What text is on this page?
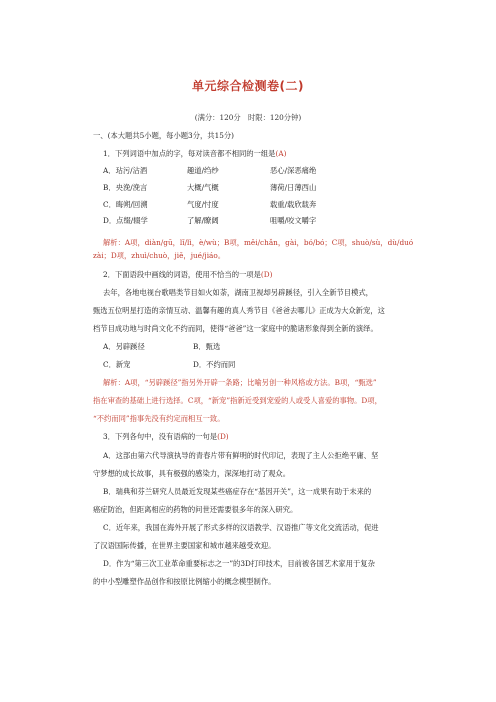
单元综合检测卷(二)
(满分：120分　时限：120分钟)
一、(本大题共5小题，每小题3分，共15分)
1．下列词语中加点的字，每对读音都不相同的一组是(A)
A．玷污/沾酒	趣道/绉纱	恶心/深恶痛绝
B．央浼/浼言	大概/气概	薄荷/日薄西山
C．晦朔/回溯	气度/忖度	载重/载欣载奔
D．点缀/辍学	了解/瞭阔	咀嚼/咬文嚼字
解析：A项，diàn/gū，lǐ/lì，è/wù；B项，měi/chǎn，gài，bó/bó；C项，shuò/sù，dù/duó zài；D项，zhuì/chuò，jiě，jué/jiáo。
2．下面语段中画线的词语，使用不恰当的一项是(D)
去年，各地电视台歌唱类节目如火如荼，湖南卫视却另辟蹊径，引入全新节目模式，
甄选五位明星打造的亲情互动、温馨有趣的真人秀节目《爸爸去哪儿》正成为大众新宠，这
档节目成功地与时尚文化不约而同，使得“爸爸”这一家庭中的脆诸形象得到全新的演绎。
A．另辟蹊径	B．甄选
C．新宠	D．不约而同
解析：A项，“另辟蹊径”指另外开辟一条路；比喻另创一种风格或方法。B项，“甄选”
指在审查的基础上进行选择。C项，“新宠”指新近受到宠爱的人或受人喜爱的事物。D项，
“不约而同”指事先没有约定而相互一致。
3．下列各句中，没有语病的一句是(D)
A．这部由第六代导演执导的青春片带有鲜明的时代印记，表现了主人公拒绝平庸、坚
守梦想的成长故事，具有极强的感染力，深深地打动了观众。
B．瑞典和芬兰研究人员最近发现某些癌症存在“基因开关”，这一成果有助于未来的
癌症防治，但距离相应的药物的问世还需要很多年的深入研究。
C．近年来，我国在海外开展了形式多样的汉语教学、汉语推广等文化交流活动，促进
了汉语国际传播，在世界主要国家和城市越来越受欢迎。
D．作为“第三次工业革命重要标志之一”的3D打印技术，目前被各国艺术家用于复杂
的中小型雕塑作品创作和按原比例缩小的概念模型制作。
